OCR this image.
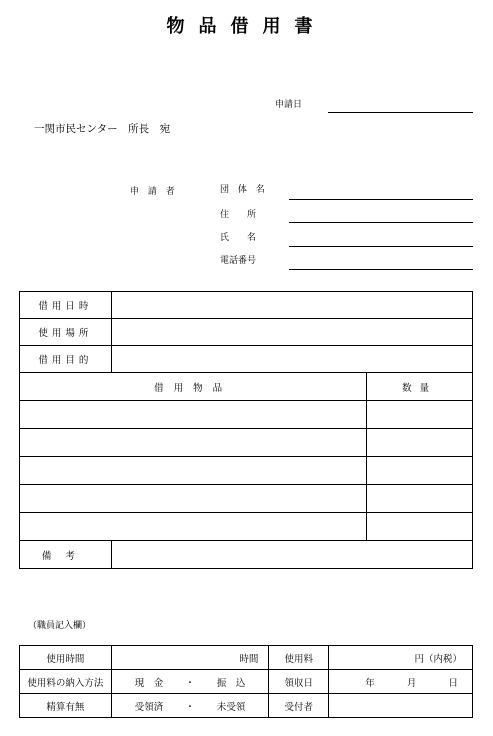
物品借用書
申請日
一関市民センター　所長　宛
申 請 者	団 体 名
住　　所
氏　　名
電話番号
借用日時		
使用場所		
借用目的		
借用物品		数量

備考		
（職員記入欄）
使用時間	時間	使用料	円（内税）
使用料の納入方法	現　金 ・ 振　込	領収日	年 月 日

精算有無	受領済 ・ 未受領	受付者	
